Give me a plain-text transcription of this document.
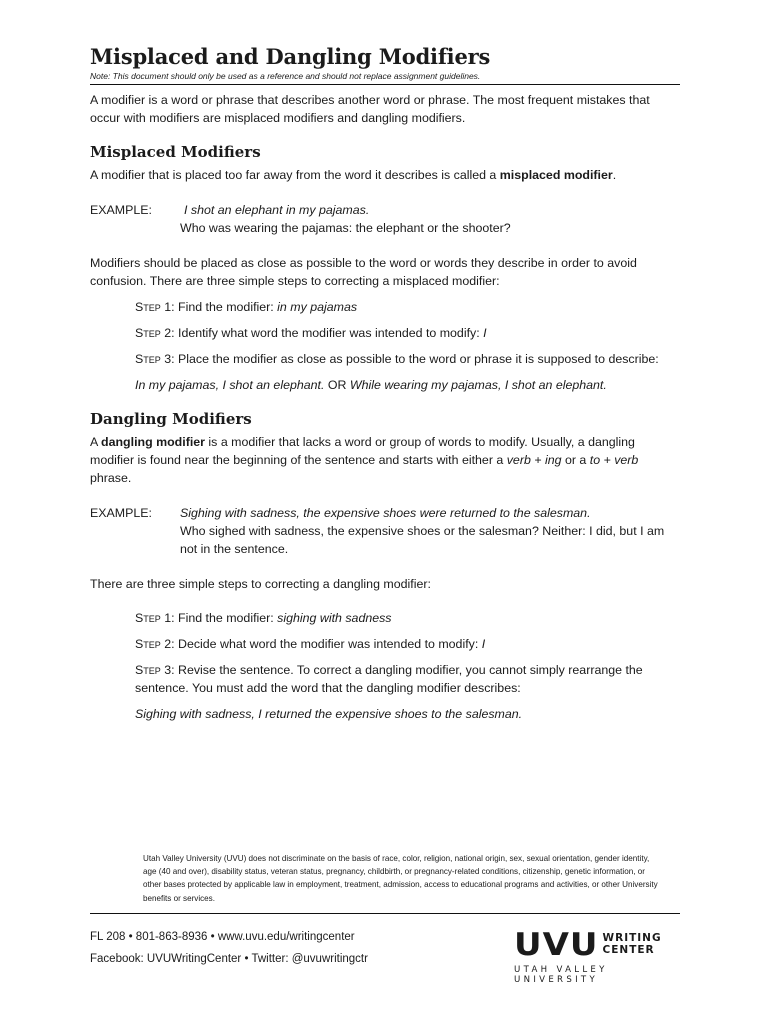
Misplaced and Dangling Modifiers
Note: This document should only be used as a reference and should not replace assignment guidelines.

A modifier is a word or phrase that describes another word or phrase. The most frequent mistakes that occur with modifiers are misplaced modifiers and dangling modifiers.

Misplaced Modifiers

A modifier that is placed too far away from the word it describes is called a misplaced modifier.

EXAMPLE:	I shot an elephant in my pajamas.
Who was wearing the pajamas: the elephant or the shooter?

Modifiers should be placed as close as possible to the word or words they describe in order to avoid confusion. There are three simple steps to correcting a misplaced modifier:

Step 1: Find the modifier: in my pajamas
Step 2: Identify what word the modifier was intended to modify: I
Step 3: Place the modifier as close as possible to the word or phrase it is supposed to describe:
In my pajamas, I shot an elephant. OR While wearing my pajamas, I shot an elephant.
Dangling Modifiers

A dangling modifier is a modifier that lacks a word or group of words to modify. Usually, a dangling modifier is found near the beginning of the sentence and starts with either a verb + ing or a to + verb phrase.

EXAMPLE:	Sighing with sadness, the expensive shoes were returned to the salesman.
Who sighed with sadness, the expensive shoes or the salesman? Neither: I did, but I am not in the sentence.

There are three simple steps to correcting a dangling modifier:

Step 1: Find the modifier: sighing with sadness
Step 2: Decide what word the modifier was intended to modify: I
Step 3: Revise the sentence. To correct a dangling modifier, you cannot simply rearrange the sentence. You must add the word that the dangling modifier describes:
Sighing with sadness, I returned the expensive shoes to the salesman.
Utah Valley University (UVU) does not discriminate on the basis of race, color, religion, national origin, sex, sexual orientation, gender identity, age (40 and over), disability status, veteran status, pregnancy, childbirth, or pregnancy-related conditions, citizenship, genetic information, or other bases protected by applicable law in employment, treatment, admission, access to educational programs and activities, or other University benefits or services.
FL 208 • 801-863-8936 • www.uvu.edu/writingcenter
Facebook: UVUWritingCenter • Twitter: @uvuwritingctr	UVU WRITING
CENTER
UTAH VALLEY UNIVERSITY
